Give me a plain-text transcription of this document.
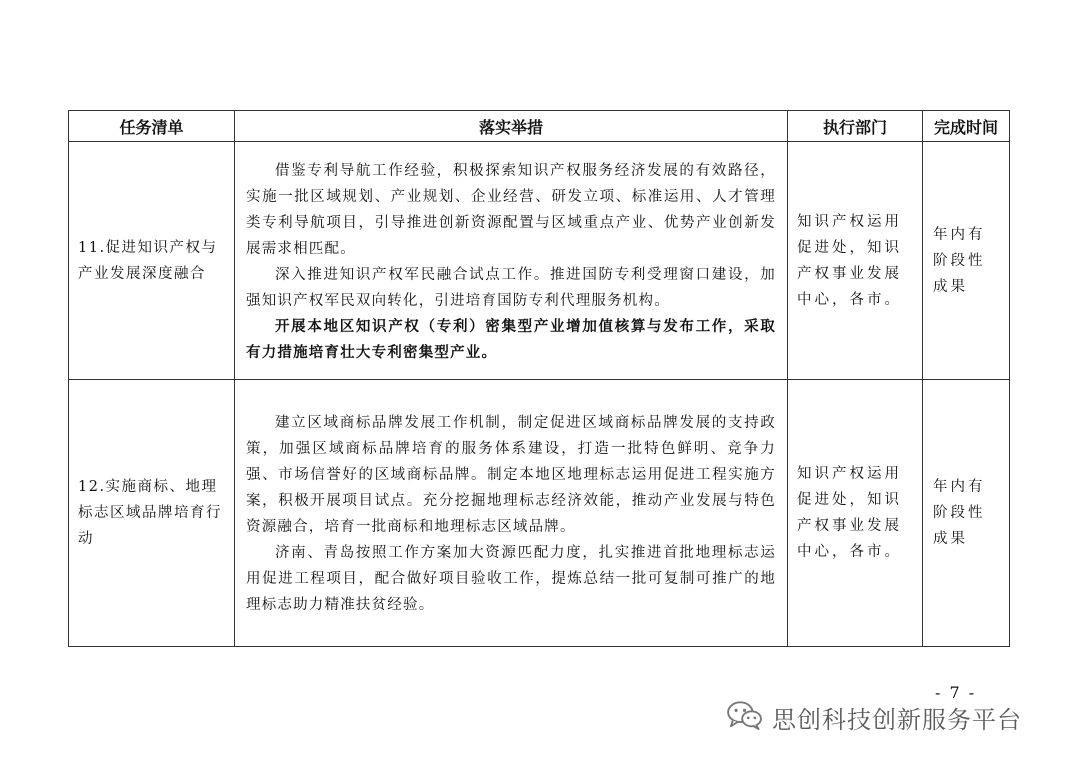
任务清单	落实举措	执行部门	完成时间
11.促进知识产权与产业发展深度融合	借鉴专利导航工作经验，积极探索知识产权服务经济发展的有效路径，实施一批区域规划、产业规划、企业经营、研发立项、标准运用、人才管理类专利导航项目，引导推进创新资源配置与区域重点产业、优势产业创新发展需求相匹配。

深入推进知识产权军民融合试点工作。推进国防专利受理窗口建设，加强知识产权军民双向转化，引进培育国防专利代理服务机构。

开展本地区知识产权（专利）密集型产业增加值核算与发布工作，采取有力措施培育壮大专利密集型产业。	知识产权运用促进处，知识产权事业发展中心，各市。	年内有阶段性成果
12.实施商标、地理标志区域品牌培育行动	建立区域商标品牌发展工作机制，制定促进区域商标品牌发展的支持政策，加强区域商标品牌培育的服务体系建设，打造一批特色鲜明、竞争力强、市场信誉好的区域商标品牌。制定本地区地理标志运用促进工程实施方案，积极开展项目试点。充分挖掘地理标志经济效能，推动产业发展与特色资源融合，培育一批商标和地理标志区域品牌。

济南、青岛按照工作方案加大资源匹配力度，扎实推进首批地理标志运用促进工程项目，配合做好项目验收工作，提炼总结一批可复制可推广的地理标志助力精准扶贫经验。	知识产权运用促进处，知识产权事业发展中心，各市。	年内有阶段性成果
- 7 -
思创科技创新服务平台
